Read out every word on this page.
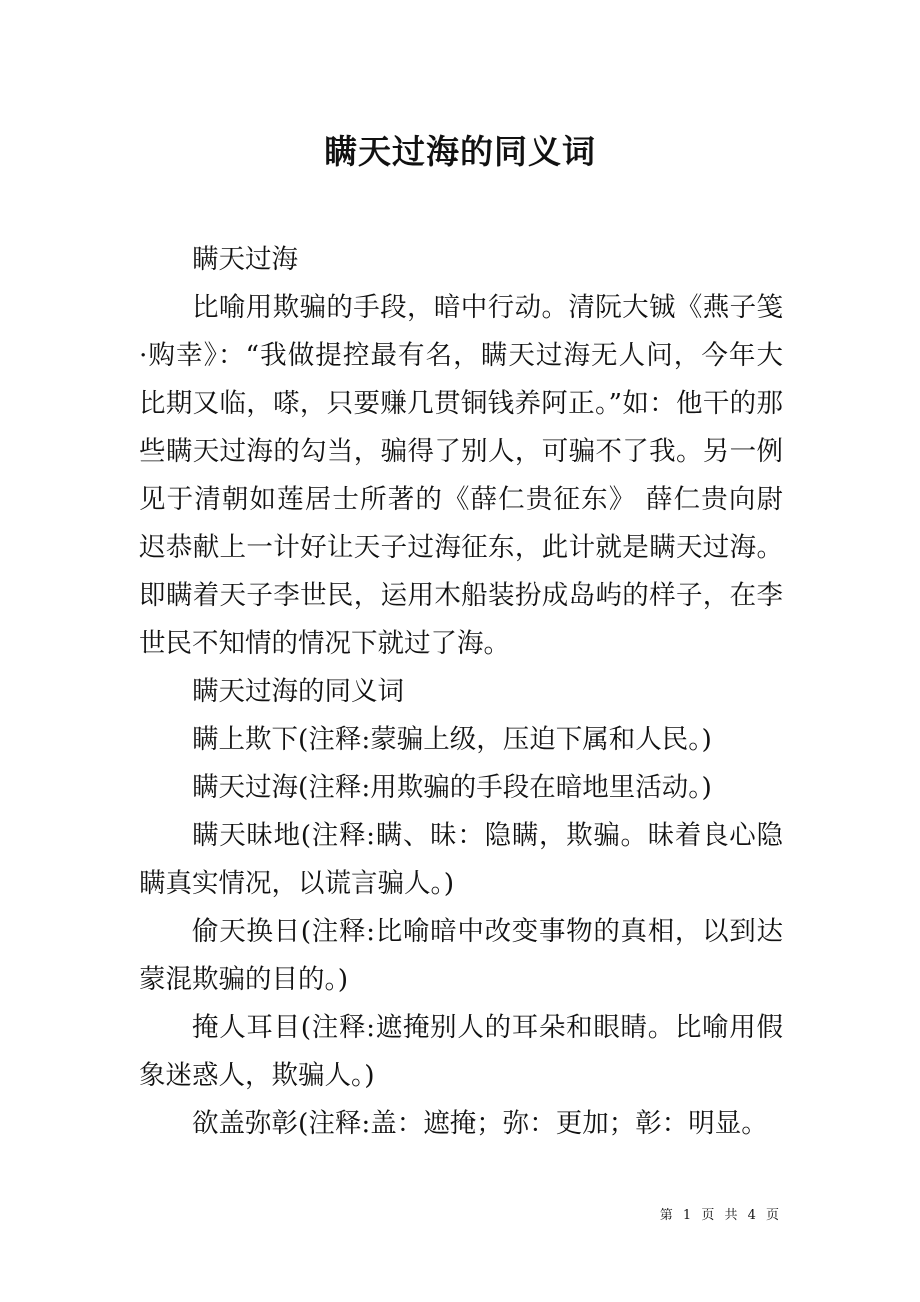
瞒天过海的同义词

瞒天过海

比喻用欺骗的手段，暗中行动。清阮大铖《燕子笺·购幸》：“我做提控最有名，瞒天过海无人问，今年大比期又临，嗏，只要赚几贯铜钱养阿正。”如：他干的那些瞒天过海的勾当，骗得了别人，可骗不了我。另一例见于清朝如莲居士所著的《薛仁贵征东》 薛仁贵向尉迟恭献上一计好让天子过海征东，此计就是瞒天过海。即瞒着天子李世民，运用木船装扮成岛屿的样子，在李世民不知情的情况下就过了海。

瞒天过海的同义词

瞒上欺下(注释:蒙骗上级，压迫下属和人民。)

瞒天过海(注释:用欺骗的手段在暗地里活动。)

瞒天昧地(注释:瞒、昧：隐瞒，欺骗。昧着良心隐瞒真实情况，以谎言骗人。)

偷天换日(注释:比喻暗中改变事物的真相，以到达蒙混欺骗的目的。)

掩人耳目(注释:遮掩别人的耳朵和眼睛。比喻用假象迷惑人，欺骗人。)

欲盖弥彰(注释:盖：遮掩；弥：更加；彰：明显。

第 1 页 共 4 页
